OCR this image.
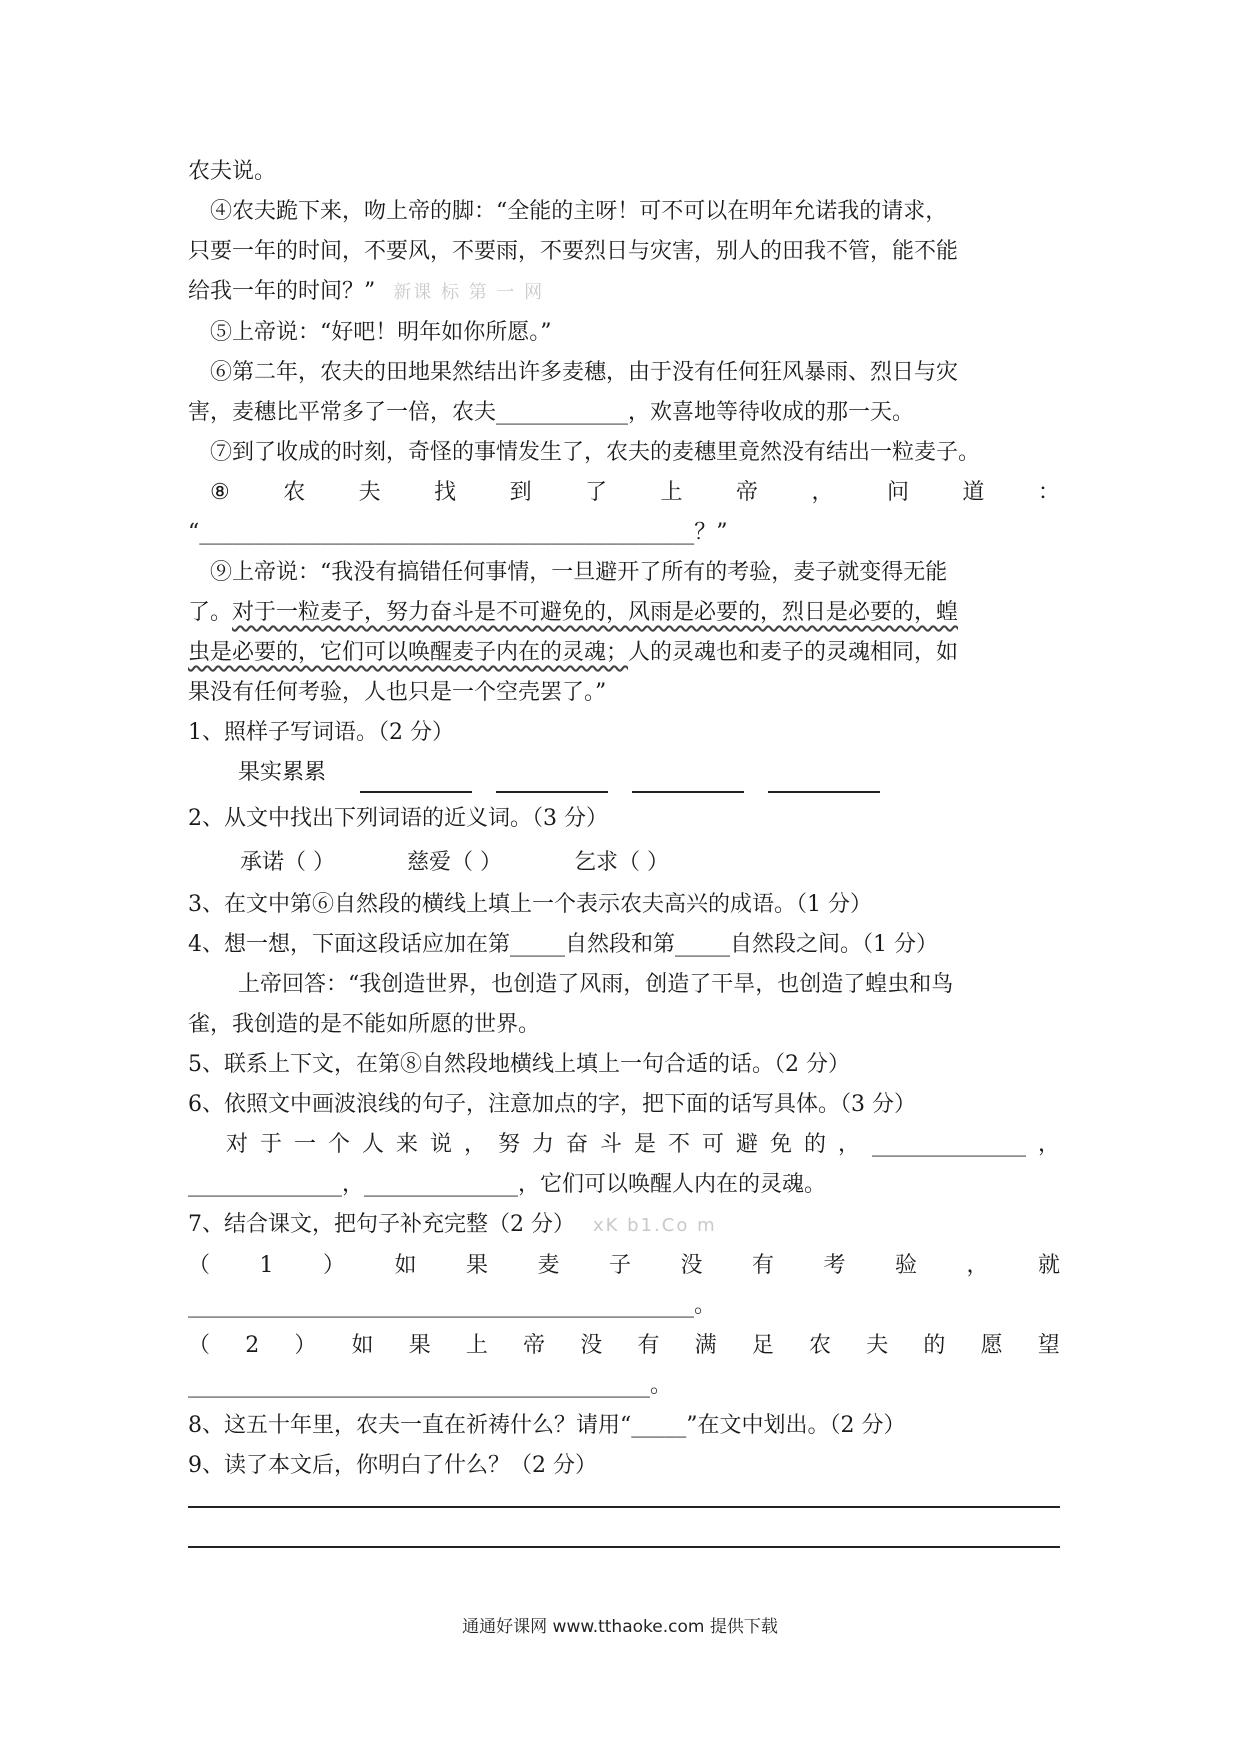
农夫说。
④农夫跪下来，吻上帝的脚：“全能的主呀！可不可以在明年允诺我的请求，
只要一年的时间，不要风，不要雨，不要烈日与灾害，别人的田我不管，能不能
给我一年的时间？” 新课 标 第 一 网
⑤上帝说：“好吧！明年如你所愿。”
⑥第二年，农夫的田地果然结出许多麦穗，由于没有任何狂风暴雨、烈日与灾
害，麦穗比平常多了一倍，农夫____________，欢喜地等待收成的那一天。
⑦到了收成的时刻，奇怪的事情发生了，农夫的麦穗里竟然没有结出一粒麦子。
⑧ 农 夫 找 到 了 上 帝 ， 问 道 ：
“_____________________________________________？”
⑨上帝说：“我没有搞错任何事情，一旦避开了所有的考验，麦子就变得无能
了。对于一粒麦子，努力奋斗是不可避免的，风雨是必要的，烈日是必要的，蝗
虫是必要的，它们可以唤醒麦子内在的灵魂；人的灵魂也和麦子的灵魂相同，如
果没有任何考验，人也只是一个空壳罢了。”
1、照样子写词语。（2 分）
果实累累
2、从文中找出下列词语的近义词。（3 分）
承诺（ ）	慈爱（ ）	乞求（ ）
3、在文中第⑥自然段的横线上填上一个表示农夫高兴的成语。（1 分）
4、想一想，下面这段话应加在第_____自然段和第_____自然段之间。（1 分）
上帝回答：“我创造世界，也创造了风雨，创造了干旱，也创造了蝗虫和鸟
雀，我创造的是不能如所愿的世界。
5、联系上下文，在第⑧自然段地横线上填上一句合适的话。（2 分）
6、依照文中画波浪线的句子，注意加点的字，把下面的话写具体。（3 分）
对 于 一 个 人 来 说 ， 努 力 奋 斗 是 不 可 避 免 的 ， ______________ ，
______________，______________，它们可以唤醒人内在的灵魂。
7、结合课文，把句子补充完整（2 分） xK b1.Co m
（ 1 ） 如 果 麦 子 没 有 考 验 ， 就
______________________________________________。
（ 2 ） 如 果 上 帝 没 有 满 足 农 夫 的 愿 望
__________________________________________。
8、这五十年里，农夫一直在祈祷什么？请用“_____”在文中划出。（2 分）
9、读了本文后，你明白了什么？（2 分）
通通好课网 www.tthaoke.com 提供下载
